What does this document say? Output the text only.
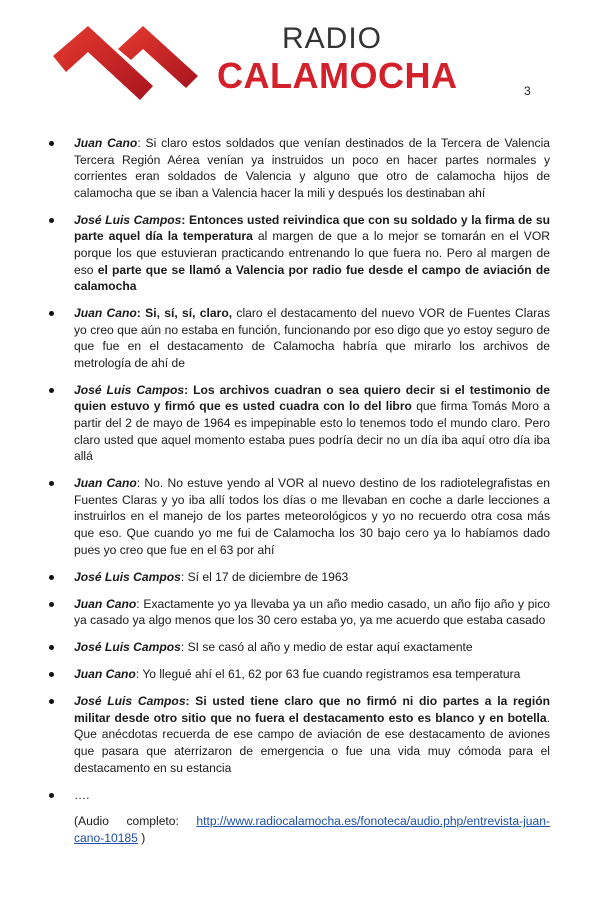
RADIO
CALAMOCHA	3
Juan Cano: Si claro estos soldados que venían destinados de la Tercera de Valencia Tercera Región Aérea venían ya instruidos un poco en hacer partes normales y corrientes eran soldados de Valencia y alguno que otro de calamocha hijos de calamocha que se iban a Valencia hacer la mili y después los destinaban ahí
José Luis Campos: Entonces usted reivindica que con su soldado y la firma de su parte aquel día la temperatura al margen de que a lo mejor se tomarán en el VOR porque los que estuvieran practicando entrenando lo que fuera no. Pero al margen de eso el parte que se llamó a Valencia por radio fue desde el campo de aviación de calamocha
Juan Cano: Si, sí, sí, claro, claro el destacamento del nuevo VOR de Fuentes Claras yo creo que aún no estaba en función, funcionando por eso digo que yo estoy seguro de que fue en el destacamento de Calamocha habría que mirarlo los archivos de metrología de ahí de
José Luis Campos: Los archivos cuadran o sea quiero decir si el testimonio de quien estuvo y firmó que es usted cuadra con lo del libro que firma Tomás Moro a partir del 2 de mayo de 1964 es impepinable esto lo tenemos todo el mundo claro. Pero claro usted que aquel momento estaba pues podría decir no un día iba aquí otro día iba allá
Juan Cano: No. No estuve yendo al VOR al nuevo destino de los radiotelegrafistas en Fuentes Claras y yo iba allí todos los días o me llevaban en coche a darle lecciones a instruirlos en el manejo de los partes meteorológicos y yo no recuerdo otra cosa más que eso. Que cuando yo me fui de Calamocha los 30 bajo cero ya lo habíamos dado pues yo creo que fue en el 63 por ahí
José Luis Campos: Sí el 17 de diciembre de 1963
Juan Cano: Exactamente yo ya llevaba ya un año medio casado, un año fijo año y pico ya casado ya algo menos que los 30 cero estaba yo, ya me acuerdo que estaba casado
José Luis Campos: SI se casó al año y medio de estar aquí exactamente
Juan Cano: Yo llegué ahí el 61, 62 por 63 fue cuando registramos esa temperatura
José Luis Campos: Si usted tiene claro que no firmó ni dio partes a la región militar desde otro sitio que no fuera el destacamento esto es blanco y en botella. Que anécdotas recuerda de ese campo de aviación de ese destacamento de aviones que pasara que aterrizaron de emergencia o fue una vida muy cómoda para el destacamento en su estancia
….
(Audio completo: http://www.radiocalamocha.es/fonoteca/audio.php/entrevista-juan-cano-10185 )
